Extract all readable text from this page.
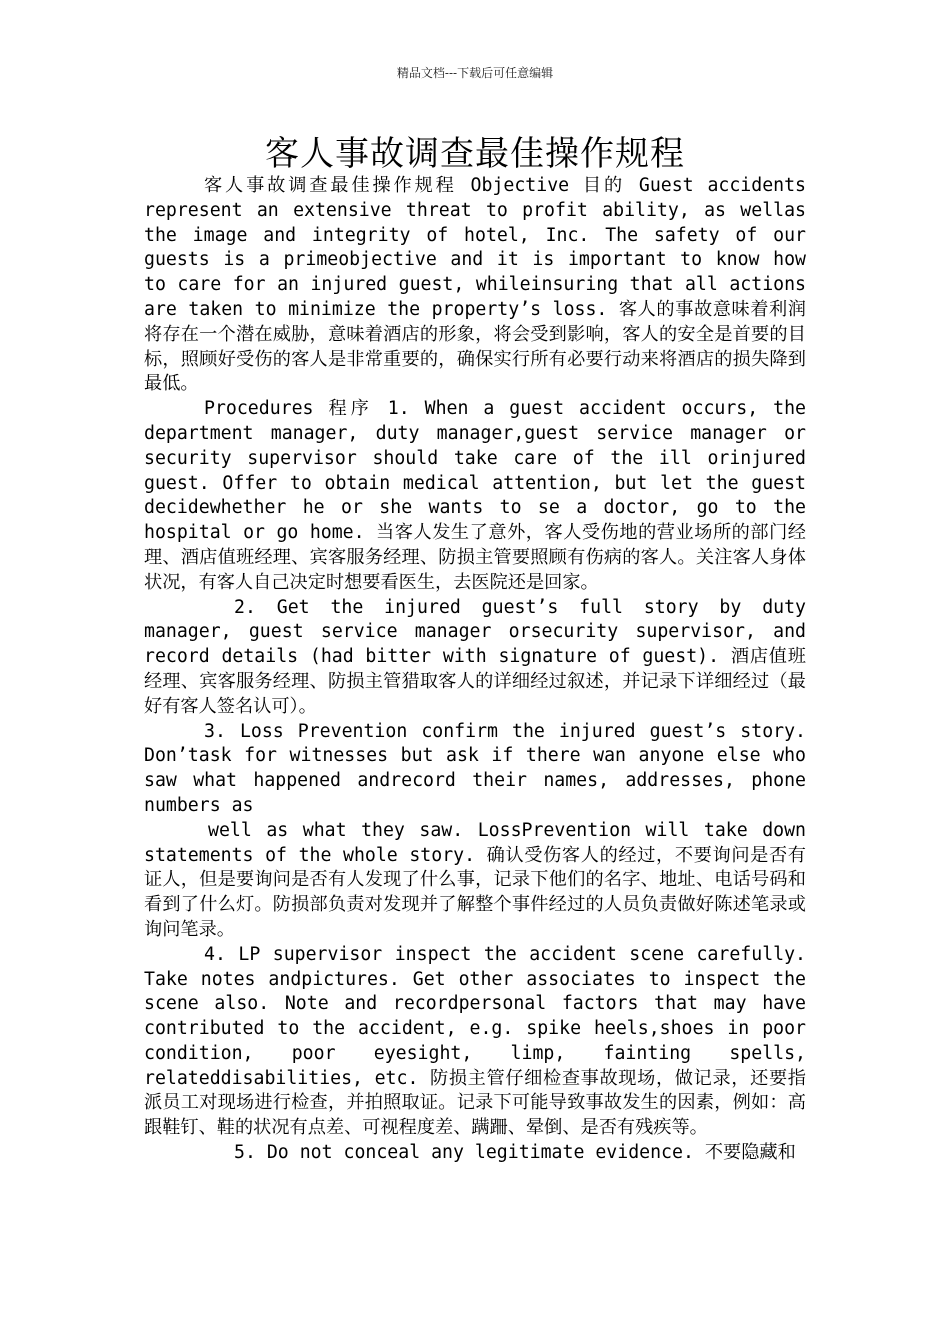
精品文档---下载后可任意编辑
客人事故调查最佳操作规程

客人事故调查最佳操作规程 Objective 目的 Guest accidents represent an extensive threat to profit ability, as wellas the image and integrity of hotel, Inc. The safety of our guests is a primeobjective and it is important to know how to care for an injured guest, whileinsuring that all actions are taken to minimize the property’s loss. 客人的事故意味着利润将存在一个潜在威胁，意味着酒店的形象，将会受到影响，客人的安全是首要的目标，照顾好受伤的客人是非常重要的，确保实行所有必要行动来将酒店的损失降到最低。

Procedures 程序 1. When a guest accident occurs, the department manager, duty manager,guest service manager or security supervisor should take care of the ill orinjured guest. Offer to obtain medical attention, but let the guest decidewhether he or she wants to se a doctor, go to the hospital or go home. 当客人发生了意外，客人受伤地的营业场所的部门经理、酒店值班经理、宾客服务经理、防损主管要照顾有伤病的客人。关注客人身体状况，有客人自己决定时想要看医生，去医院还是回家。

2. Get the injured guest’s full story by duty manager, guest service manager orsecurity supervisor, and record details (had bitter with signature of guest). 酒店值班经理、宾客服务经理、防损主管猎取客人的详细经过叙述，并记录下详细经过（最好有客人签名认可）。

3. Loss Prevention confirm the injured guest’s story. Don’task for witnesses but ask if there wan anyone else who saw what happened andrecord their names, addresses, phone numbers as

well as what they saw. LossPrevention will take down statements of the whole story. 确认受伤客人的经过，不要询问是否有证人，但是要询问是否有人发现了什么事，记录下他们的名字、地址、电话号码和看到了什么灯。防损部负责对发现并了解整个事件经过的人员负责做好陈述笔录或询问笔录。

4. LP supervisor inspect the accident scene carefully. Take notes andpictures. Get other associates to inspect the scene also. Note and recordpersonal factors that may have contributed to the accident, e.g. spike heels,shoes in poor condition, poor eyesight, limp, fainting spells, relateddisabilities, etc. 防损主管仔细检查事故现场，做记录，还要指派员工对现场进行检查，并拍照取证。记录下可能导致事故发生的因素，例如：高跟鞋钉、鞋的状况有点差、可视程度差、蹒跚、晕倒、是否有残疾等。

5. Do not conceal any legitimate evidence. 不要隐藏和
